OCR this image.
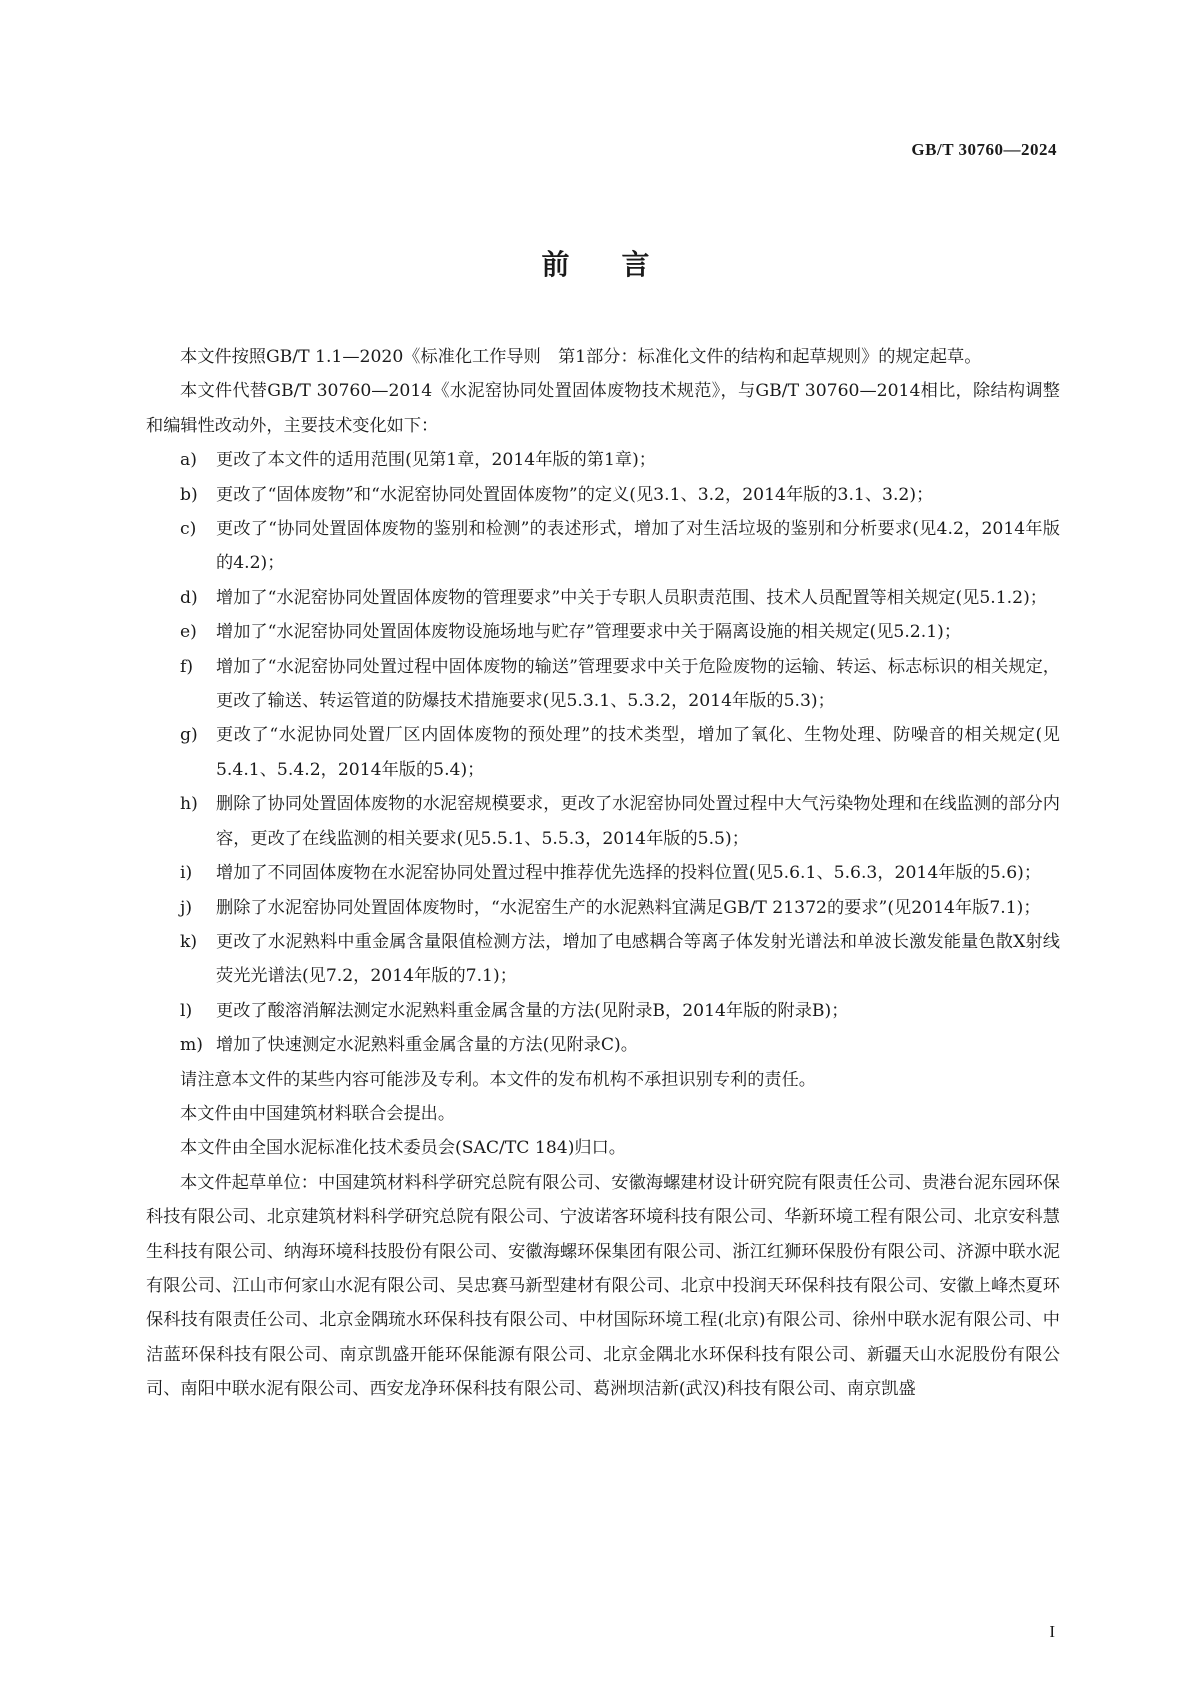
GB/T 30760—2024
前言

本文件按照GB/T 1.1—2020《标准化工作导则　第1部分：标准化文件的结构和起草规则》的规定起草。

本文件代替GB/T 30760—2014《水泥窑协同处置固体废物技术规范》，与GB/T 30760—2014相比，除结构调整和编辑性改动外，主要技术变化如下：

a)	更改了本文件的适用范围(见第1章，2014年版的第1章)；
b)	更改了“固体废物”和“水泥窑协同处置固体废物”的定义(见3.1、3.2，2014年版的3.1、3.2)；
c)	更改了“协同处置固体废物的鉴别和检测”的表述形式，增加了对生活垃圾的鉴别和分析要求(见4.2，2014年版的4.2)；
d)	增加了“水泥窑协同处置固体废物的管理要求”中关于专职人员职责范围、技术人员配置等相关规定(见5.1.2)；
e)	增加了“水泥窑协同处置固体废物设施场地与贮存”管理要求中关于隔离设施的相关规定(见5.2.1)；
f)	增加了“水泥窑协同处置过程中固体废物的输送”管理要求中关于危险废物的运输、转运、标志标识的相关规定，更改了输送、转运管道的防爆技术措施要求(见5.3.1、5.3.2，2014年版的5.3)；
g)	更改了“水泥协同处置厂区内固体废物的预处理”的技术类型，增加了氧化、生物处理、防噪音的相关规定(见5.4.1、5.4.2，2014年版的5.4)；
h)	删除了协同处置固体废物的水泥窑规模要求，更改了水泥窑协同处置过程中大气污染物处理和在线监测的部分内容，更改了在线监测的相关要求(见5.5.1、5.5.3，2014年版的5.5)；
i)	增加了不同固体废物在水泥窑协同处置过程中推荐优先选择的投料位置(见5.6.1、5.6.3，2014年版的5.6)；
j)	删除了水泥窑协同处置固体废物时，“水泥窑生产的水泥熟料宜满足GB/T 21372的要求”(见2014年版7.1)；
k)	更改了水泥熟料中重金属含量限值检测方法，增加了电感耦合等离子体发射光谱法和单波长激发能量色散X射线荧光光谱法(见7.2，2014年版的7.1)；
l)	更改了酸溶消解法测定水泥熟料重金属含量的方法(见附录B，2014年版的附录B)；
m) 增加了快速测定水泥熟料重金属含量的方法(见附录C)。

请注意本文件的某些内容可能涉及专利。本文件的发布机构不承担识别专利的责任。

本文件由中国建筑材料联合会提出。

本文件由全国水泥标准化技术委员会(SAC/TC 184)归口。

本文件起草单位：中国建筑材料科学研究总院有限公司、安徽海螺建材设计研究院有限责任公司、贵港台泥东园环保科技有限公司、北京建筑材料科学研究总院有限公司、宁波诺客环境科技有限公司、华新环境工程有限公司、北京安科慧生科技有限公司、纳海环境科技股份有限公司、安徽海螺环保集团有限公司、浙江红狮环保股份有限公司、济源中联水泥有限公司、江山市何家山水泥有限公司、吴忠赛马新型建材有限公司、北京中投润天环保科技有限公司、安徽上峰杰夏环保科技有限责任公司、北京金隅琉水环保科技有限公司、中材国际环境工程(北京)有限公司、徐州中联水泥有限公司、中洁蓝环保科技有限公司、南京凯盛开能环保能源有限公司、北京金隅北水环保科技有限公司、新疆天山水泥股份有限公司、南阳中联水泥有限公司、西安龙净环保科技有限公司、葛洲坝洁新(武汉)科技有限公司、南京凯盛

I
